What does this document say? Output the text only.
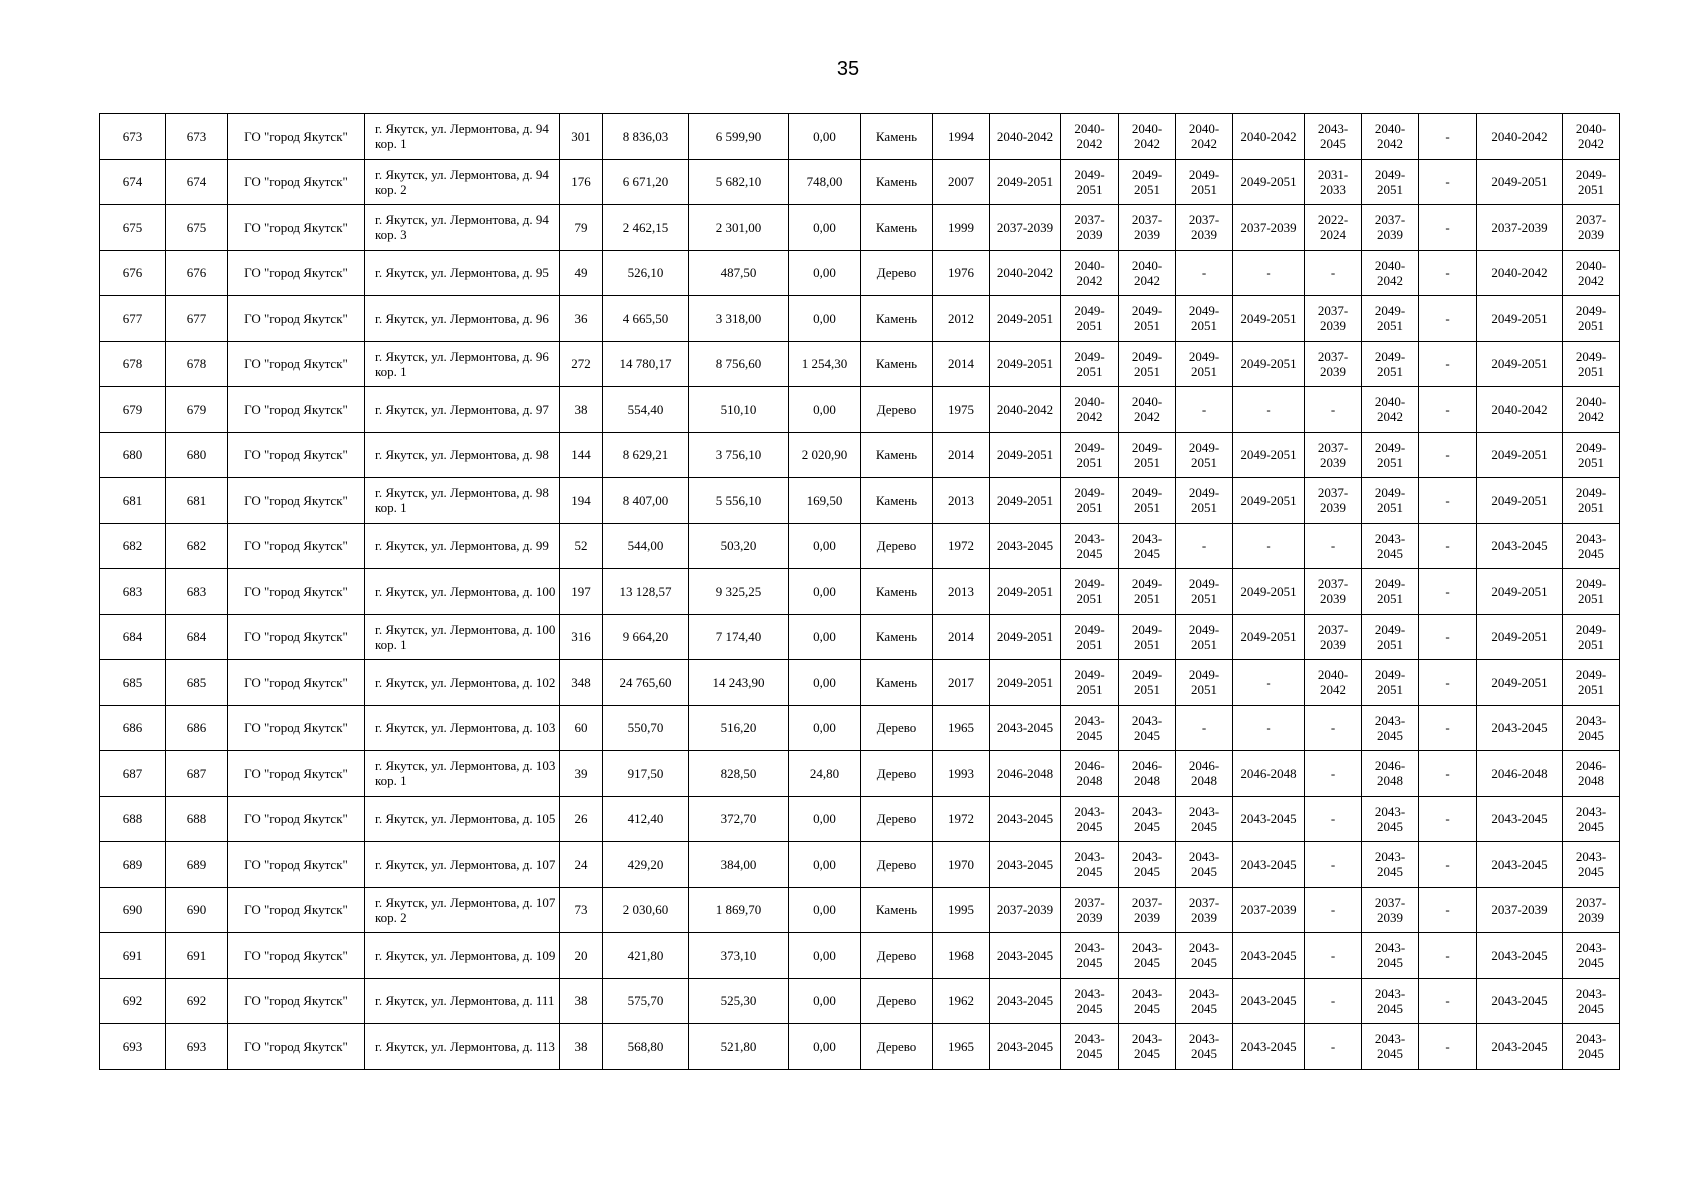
35
673	673	ГО "город Якутск"	г. Якутск, ул. Лермонтова, д. 94 кор. 1	301	8 836,03	6 599,90	0,00	Камень	1994	2040-2042	2040-2042	2040-2042	2040-2042	2040-2042	2043-2045	2040-2042	-	2040-2042	2040-2042
674	674	ГО "город Якутск"	г. Якутск, ул. Лермонтова, д. 94 кор. 2	176	6 671,20	5 682,10	748,00	Камень	2007	2049-2051	2049-2051	2049-2051	2049-2051	2049-2051	2031-2033	2049-2051	-	2049-2051	2049-2051
675	675	ГО "город Якутск"	г. Якутск, ул. Лермонтова, д. 94 кор. 3	79	2 462,15	2 301,00	0,00	Камень	1999	2037-2039	2037-2039	2037-2039	2037-2039	2037-2039	2022-2024	2037-2039	-	2037-2039	2037-2039
676	676	ГО "город Якутск"	г. Якутск, ул. Лермонтова, д. 95	49	526,10	487,50	0,00	Дерево	1976	2040-2042	2040-2042	2040-2042	-	-	-	2040-2042	-	2040-2042	2040-2042
677	677	ГО "город Якутск"	г. Якутск, ул. Лермонтова, д. 96	36	4 665,50	3 318,00	0,00	Камень	2012	2049-2051	2049-2051	2049-2051	2049-2051	2049-2051	2037-2039	2049-2051	-	2049-2051	2049-2051
678	678	ГО "город Якутск"	г. Якутск, ул. Лермонтова, д. 96 кор. 1	272	14 780,17	8 756,60	1 254,30	Камень	2014	2049-2051	2049-2051	2049-2051	2049-2051	2049-2051	2037-2039	2049-2051	-	2049-2051	2049-2051
679	679	ГО "город Якутск"	г. Якутск, ул. Лермонтова, д. 97	38	554,40	510,10	0,00	Дерево	1975	2040-2042	2040-2042	2040-2042	-	-	-	2040-2042	-	2040-2042	2040-2042
680	680	ГО "город Якутск"	г. Якутск, ул. Лермонтова, д. 98	144	8 629,21	3 756,10	2 020,90	Камень	2014	2049-2051	2049-2051	2049-2051	2049-2051	2049-2051	2037-2039	2049-2051	-	2049-2051	2049-2051
681	681	ГО "город Якутск"	г. Якутск, ул. Лермонтова, д. 98 кор. 1	194	8 407,00	5 556,10	169,50	Камень	2013	2049-2051	2049-2051	2049-2051	2049-2051	2049-2051	2037-2039	2049-2051	-	2049-2051	2049-2051
682	682	ГО "город Якутск"	г. Якутск, ул. Лермонтова, д. 99	52	544,00	503,20	0,00	Дерево	1972	2043-2045	2043-2045	2043-2045	-	-	-	2043-2045	-	2043-2045	2043-2045
683	683	ГО "город Якутск"	г. Якутск, ул. Лермонтова, д. 100	197	13 128,57	9 325,25	0,00	Камень	2013	2049-2051	2049-2051	2049-2051	2049-2051	2049-2051	2037-2039	2049-2051	-	2049-2051	2049-2051
684	684	ГО "город Якутск"	г. Якутск, ул. Лермонтова, д. 100 кор. 1	316	9 664,20	7 174,40	0,00	Камень	2014	2049-2051	2049-2051	2049-2051	2049-2051	2049-2051	2037-2039	2049-2051	-	2049-2051	2049-2051
685	685	ГО "город Якутск"	г. Якутск, ул. Лермонтова, д. 102	348	24 765,60	14 243,90	0,00	Камень	2017	2049-2051	2049-2051	2049-2051	2049-2051	-	2040-2042	2049-2051	-	2049-2051	2049-2051
686	686	ГО "город Якутск"	г. Якутск, ул. Лермонтова, д. 103	60	550,70	516,20	0,00	Дерево	1965	2043-2045	2043-2045	2043-2045	-	-	-	2043-2045	-	2043-2045	2043-2045
687	687	ГО "город Якутск"	г. Якутск, ул. Лермонтова, д. 103 кор. 1	39	917,50	828,50	24,80	Дерево	1993	2046-2048	2046-2048	2046-2048	2046-2048	2046-2048	-	2046-2048	-	2046-2048	2046-2048
688	688	ГО "город Якутск"	г. Якутск, ул. Лермонтова, д. 105	26	412,40	372,70	0,00	Дерево	1972	2043-2045	2043-2045	2043-2045	2043-2045	2043-2045	-	2043-2045	-	2043-2045	2043-2045
689	689	ГО "город Якутск"	г. Якутск, ул. Лермонтова, д. 107	24	429,20	384,00	0,00	Дерево	1970	2043-2045	2043-2045	2043-2045	2043-2045	2043-2045	-	2043-2045	-	2043-2045	2043-2045
690	690	ГО "город Якутск"	г. Якутск, ул. Лермонтова, д. 107 кор. 2	73	2 030,60	1 869,70	0,00	Камень	1995	2037-2039	2037-2039	2037-2039	2037-2039	2037-2039	-	2037-2039	-	2037-2039	2037-2039
691	691	ГО "город Якутск"	г. Якутск, ул. Лермонтова, д. 109	20	421,80	373,10	0,00	Дерево	1968	2043-2045	2043-2045	2043-2045	2043-2045	2043-2045	-	2043-2045	-	2043-2045	2043-2045
692	692	ГО "город Якутск"	г. Якутск, ул. Лермонтова, д. 111	38	575,70	525,30	0,00	Дерево	1962	2043-2045	2043-2045	2043-2045	2043-2045	2043-2045	-	2043-2045	-	2043-2045	2043-2045
693	693	ГО "город Якутск"	г. Якутск, ул. Лермонтова, д. 113	38	568,80	521,80	0,00	Дерево	1965	2043-2045	2043-2045	2043-2045	2043-2045	2043-2045	-	2043-2045	-	2043-2045	2043-2045
